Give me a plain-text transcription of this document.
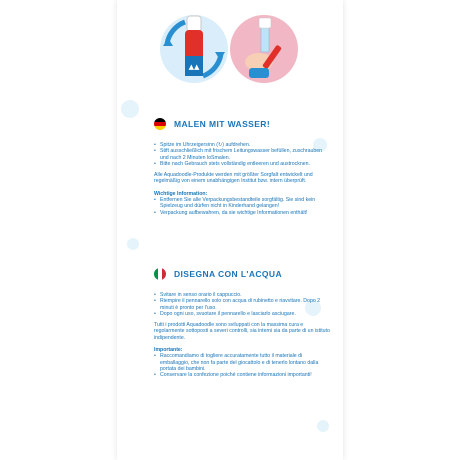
▲▲
MALEN MIT WASSER!
• Spitze im Uhrzeigersinn (↻) aufdrehen.
• Stift ausschließlich mit frischem Leitungswasser befüllen, zuschrauben und nach 2 Minuten loSmalen.
• Bitte nach Gebrauch stets vollständig entleeren und austrocknen.

Alle Aquadoodle-Produkte werden mit größter Sorgfalt entwickelt und regelmäßig von einem unabhängigen Institut bzw. intern überprüft.

Wichtige Information:
• Entfernen Sie alle Verpackungsbestandteile sorgfältig. Sie sind kein Spielzeug und dürfen nicht in Kinderhand gelangen!
• Verpackung aufbewahren, da sie wichtige Informationen enthält!
DISEGNA CON L'ACQUA
• Svitare in senso orario il cappuccio.
• Riempire il pennarello solo con acqua di rubinetto e riavvitare. Dopo 2 minuti è pronto per l'uso.
• Dopo ogni uso, svuotare il pennarello e lasciarlo asciugare.

Tutti i prodotti Aquadoodle sono sviluppati con la massima cura e regolarmente sottoposti a severi controlli, sia interni sia da parte di un istituto indipendente.

Importante:
• Raccomandiamo di togliere accuratamente tutto il materiale di emballaggio, che non fa parte del giocattolo e di tenerlo lontano dalla portata dei bambini.
• Conservare la confezione poiché contiene informazioni importanti!
